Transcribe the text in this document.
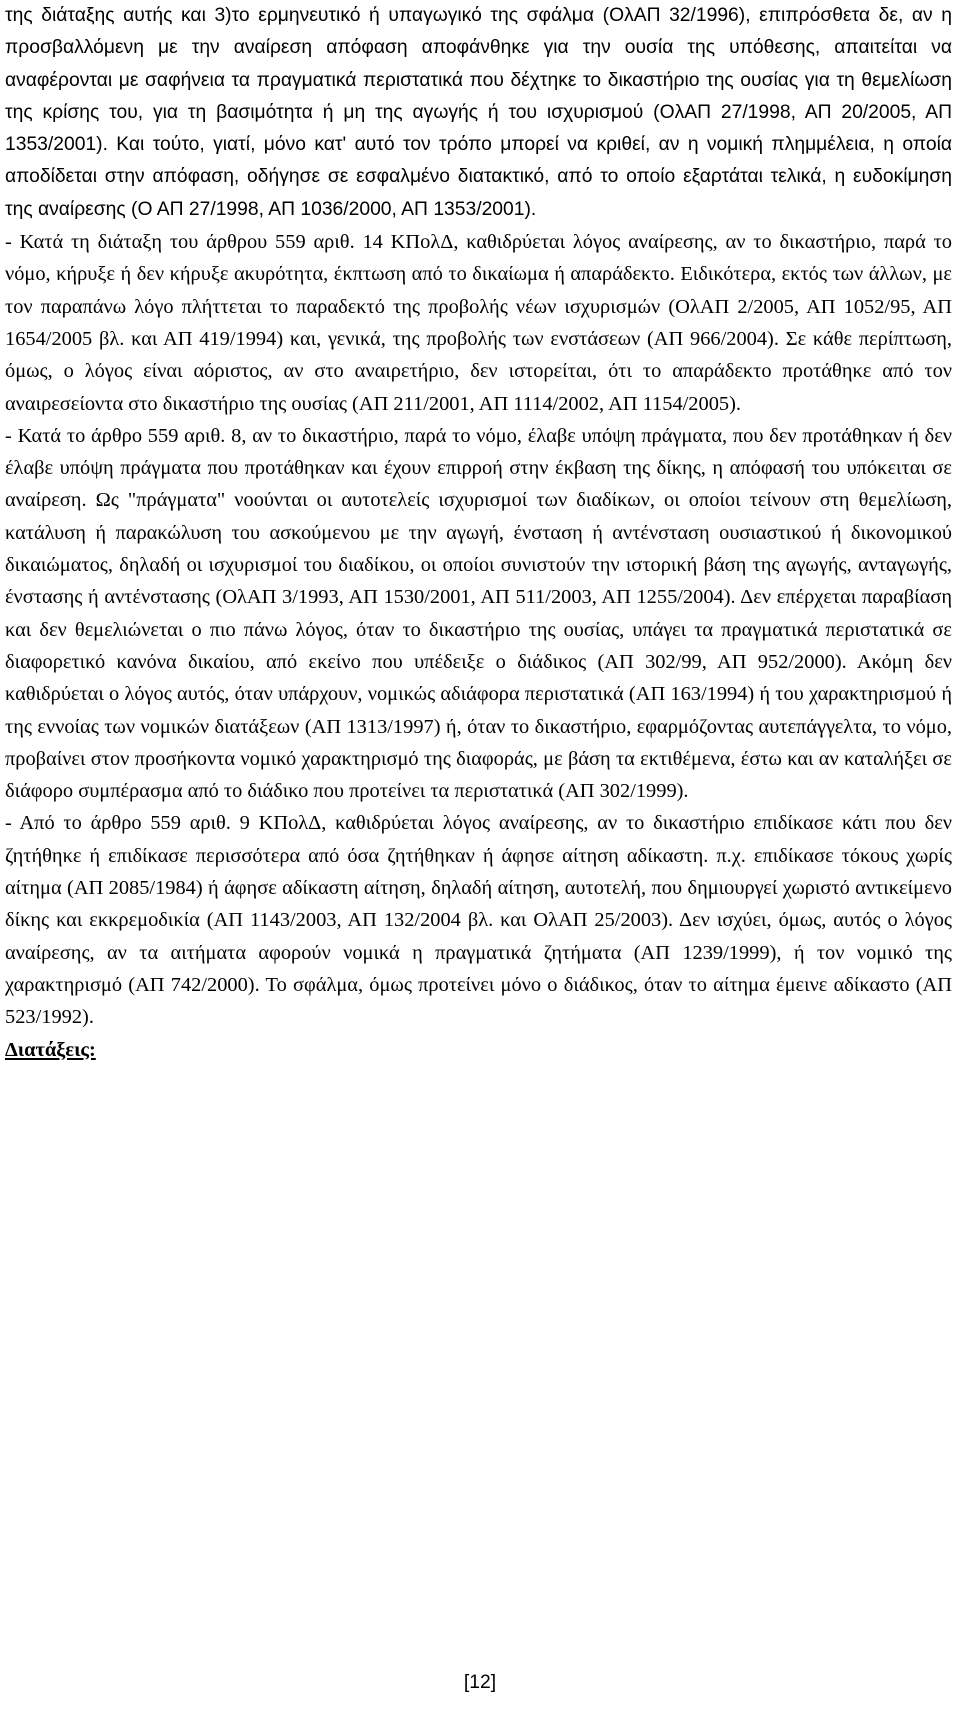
της διάταξης αυτής και 3)το ερμηνευτικό ή υπαγωγικό της σφάλμα (ΟλΑΠ 32/1996), επιπρόσθετα δε, αν η προσβαλλόμενη με την αναίρεση απόφαση αποφάνθηκε για την ουσία της υπόθεσης, απαιτείται να αναφέρονται με σαφήνεια τα πραγματικά περιστατικά που δέχτηκε το δικαστήριο της ουσίας για τη θεμελίωση της κρίσης του, για τη βασιμότητα ή μη της αγωγής ή του ισχυρισμού (ΟλΑΠ 27/1998, ΑΠ 20/2005, ΑΠ 1353/2001). Και τούτο, γιατί, μόνο κατ' αυτό τον τρόπο μπορεί να κριθεί, αν η νομική πλημμέλεια, η οποία αποδίδεται στην απόφαση, οδήγησε σε εσφαλμένο διατακτικό, από το οποίο εξαρτάται τελικά, η ευδοκίμηση της αναίρεσης (Ο ΑΠ 27/1998, ΑΠ 1036/2000, ΑΠ 1353/2001).

- Κατά τη διάταξη του άρθρου 559 αριθ. 14 ΚΠολΔ, καθιδρύεται λόγος αναίρεσης, αν το δικαστήριο, παρά το νόμο, κήρυξε ή δεν κήρυξε ακυρότητα, έκπτωση από το δικαίωμα ή απαράδεκτο. Ειδικότερα, εκτός των άλλων, με τον παραπάνω λόγο πλήττεται το παραδεκτό της προβολής νέων ισχυρισμών (ΟλΑΠ 2/2005, ΑΠ 1052/95, ΑΠ 1654/2005 βλ. και ΑΠ 419/1994) και, γενικά, της προβολής των ενστάσεων (ΑΠ 966/2004). Σε κάθε περίπτωση, όμως, ο λόγος είναι αόριστος, αν στο αναιρετήριο, δεν ιστορείται, ότι το απαράδεκτο προτάθηκε από τον αναιρεσείοντα στο δικαστήριο της ουσίας (ΑΠ 211/2001, ΑΠ 1114/2002, ΑΠ 1154/2005).

- Κατά το άρθρο 559 αριθ. 8, αν το δικαστήριο, παρά το νόμο, έλαβε υπόψη πράγματα, που δεν προτάθηκαν ή δεν έλαβε υπόψη πράγματα που προτάθηκαν και έχουν επιρροή στην έκβαση της δίκης, η απόφασή του υπόκειται σε αναίρεση. Ως "πράγματα" νοούνται οι αυτοτελείς ισχυρισμοί των διαδίκων, οι οποίοι τείνουν στη θεμελίωση, κατάλυση ή παρακώλυση του ασκούμενου με την αγωγή, ένσταση ή αντένσταση ουσιαστικού ή δικονομικού δικαιώματος, δηλαδή οι ισχυρισμοί του διαδίκου, οι οποίοι συνιστούν την ιστορική βάση της αγωγής, ανταγωγής, ένστασης ή αντένστασης (ΟλΑΠ 3/1993, ΑΠ 1530/2001, ΑΠ 511/2003, ΑΠ 1255/2004). Δεν επέρχεται παραβίαση και δεν θεμελιώνεται ο πιο πάνω λόγος, όταν το δικαστήριο της ουσίας, υπάγει τα πραγματικά περιστατικά σε διαφορετικό κανόνα δικαίου, από εκείνο που υπέδειξε ο διάδικος (ΑΠ 302/99, ΑΠ 952/2000). Ακόμη δεν καθιδρύεται ο λόγος αυτός, όταν υπάρχουν, νομικώς αδιάφορα περιστατικά (ΑΠ 163/1994) ή του χαρακτηρισμού ή της εννοίας των νομικών διατάξεων (ΑΠ 1313/1997) ή, όταν το δικαστήριο, εφαρμόζοντας αυτεπάγγελτα, το νόμο, προβαίνει στον προσήκοντα νομικό χαρακτηρισμό της διαφοράς, με βάση τα εκτιθέμενα, έστω και αν καταλήξει σε διάφορο συμπέρασμα από το διάδικο που προτείνει τα περιστατικά (ΑΠ 302/1999).

- Από το άρθρο 559 αριθ. 9 ΚΠολΔ, καθιδρύεται λόγος αναίρεσης, αν το δικαστήριο επιδίκασε κάτι που δεν ζητήθηκε ή επιδίκασε περισσότερα από όσα ζητήθηκαν ή άφησε αίτηση αδίκαστη. π.χ. επιδίκασε τόκους χωρίς αίτημα (ΑΠ 2085/1984) ή άφησε αδίκαστη αίτηση, δηλαδή αίτηση, αυτοτελή, που δημιουργεί χωριστό αντικείμενο δίκης και εκκρεμοδικία (ΑΠ 1143/2003, ΑΠ 132/2004 βλ. και ΟλΑΠ 25/2003). Δεν ισχύει, όμως, αυτός ο λόγος αναίρεσης, αν τα αιτήματα αφορούν νομικά η πραγματικά ζητήματα (ΑΠ 1239/1999), ή τον νομικό της χαρακτηρισμό (ΑΠ 742/2000). Το σφάλμα, όμως προτείνει μόνο ο διάδικος, όταν το αίτημα έμεινε αδίκαστο (ΑΠ 523/1992).

Διατάξεις:

[12]
